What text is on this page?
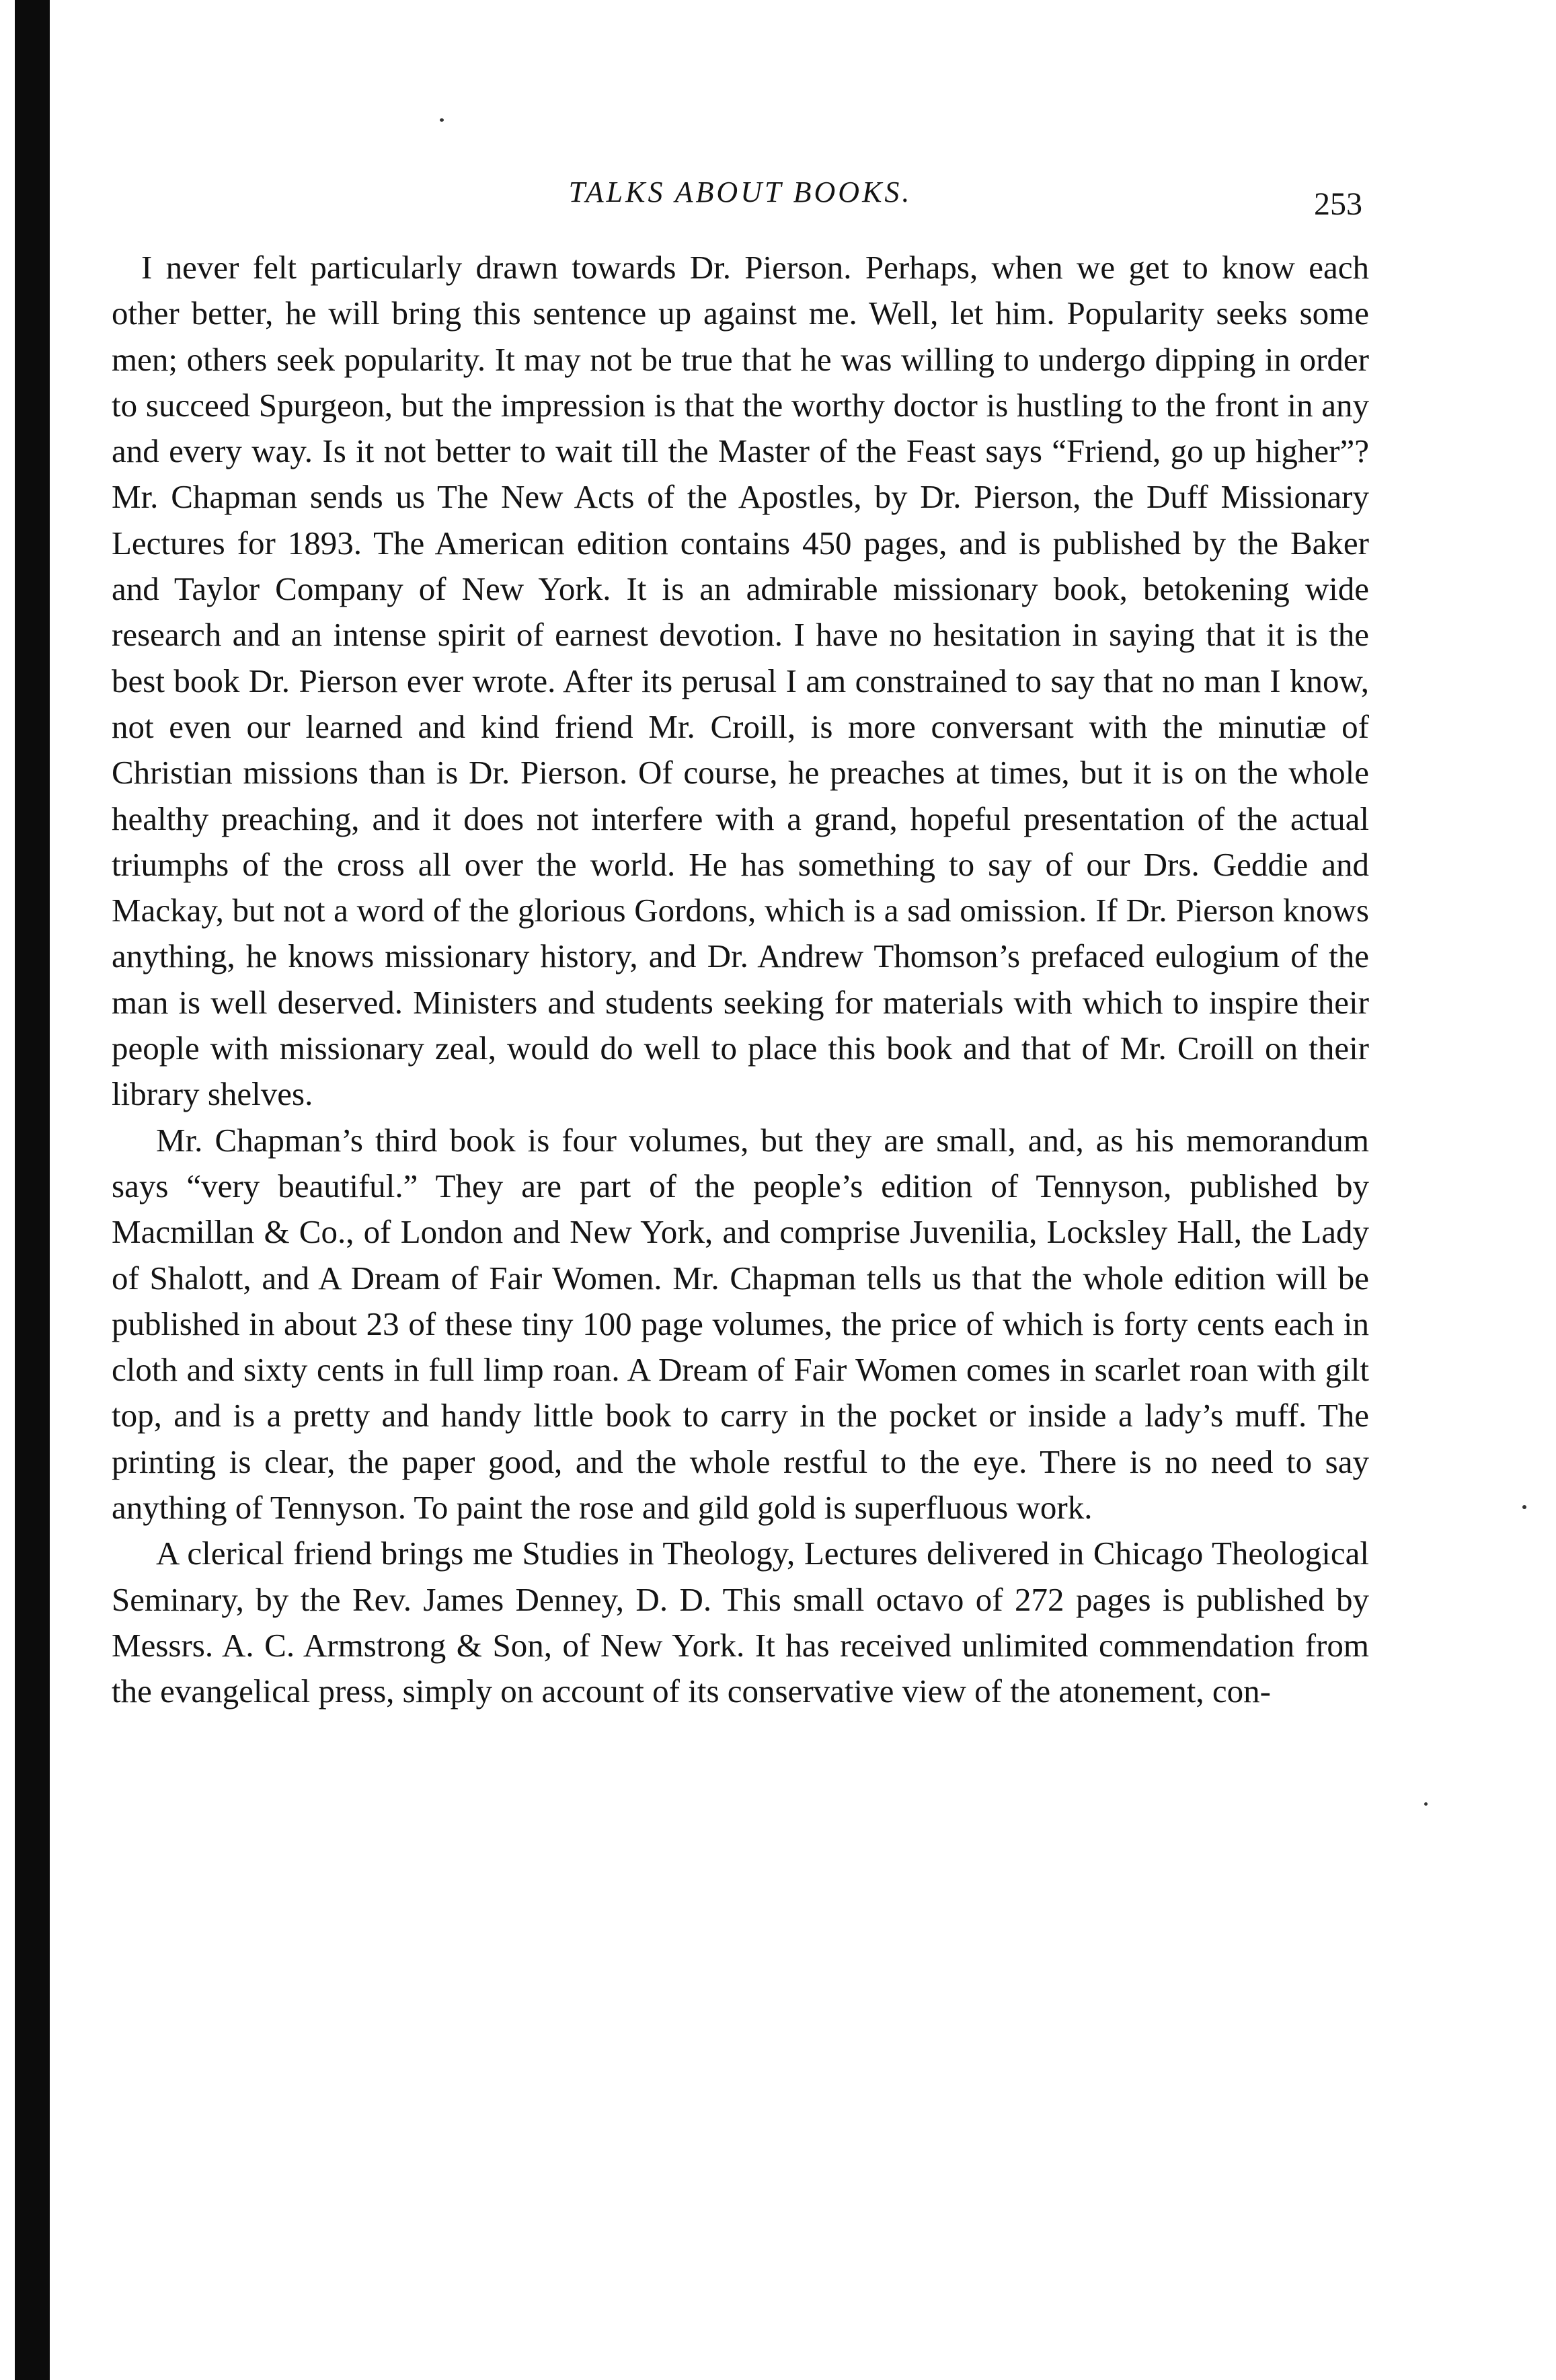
TALKS ABOUT BOOKS.	253

I never felt particularly drawn towards Dr. Pierson. Perhaps, when we get to know each other better, he will bring this sentence up against me. Well, let him. Popularity seeks some men; others seek popularity. It may not be true that he was willing to undergo dipping in order to succeed Spurgeon, but the impression is that the worthy doctor is hustling to the front in any and every way. Is it not better to wait till the Master of the Feast says “Friend, go up higher”? Mr. Chapman sends us The New Acts of the Apostles, by Dr. Pierson, the Duff Missionary Lectures for 1893. The American edition contains 450 pages, and is published by the Baker and Taylor Company of New York. It is an admirable missionary book, betokening wide research and an intense spirit of earnest devotion. I have no hesitation in saying that it is the best book Dr. Pierson ever wrote. After its perusal I am constrained to say that no man I know, not even our learned and kind friend Mr. Croill, is more conversant with the minutiæ of Christian missions than is Dr. Pierson. Of course, he preaches at times, but it is on the whole healthy preaching, and it does not interfere with a grand, hopeful presentation of the actual triumphs of the cross all over the world. He has something to say of our Drs. Geddie and Mackay, but not a word of the glorious Gordons, which is a sad omission. If Dr. Pierson knows anything, he knows missionary history, and Dr. Andrew Thomson’s prefaced eulogium of the man is well deserved. Ministers and students seeking for materials with which to inspire their people with missionary zeal, would do well to place this book and that of Mr. Croill on their library shelves.

Mr. Chapman’s third book is four volumes, but they are small, and, as his memorandum says “very beautiful.” They are part of the people’s edition of Tennyson, published by Macmillan & Co., of London and New York, and comprise Juvenilia, Locksley Hall, the Lady of Shalott, and A Dream of Fair Women. Mr. Chapman tells us that the whole edition will be published in about 23 of these tiny 100 page volumes, the price of which is forty cents each in cloth and sixty cents in full limp roan. A Dream of Fair Women comes in scarlet roan with gilt top, and is a pretty and handy little book to carry in the pocket or inside a lady’s muff. The printing is clear, the paper good, and the whole restful to the eye. There is no need to say anything of Tennyson. To paint the rose and gild gold is superfluous work.

A clerical friend brings me Studies in Theology, Lectures delivered in Chicago Theological Seminary, by the Rev. James Denney, D. D. This small octavo of 272 pages is published by Messrs. A. C. Armstrong & Son, of New York. It has received unlimited commendation from the evangelical press, simply on account of its conservative view of the atonement, con-
